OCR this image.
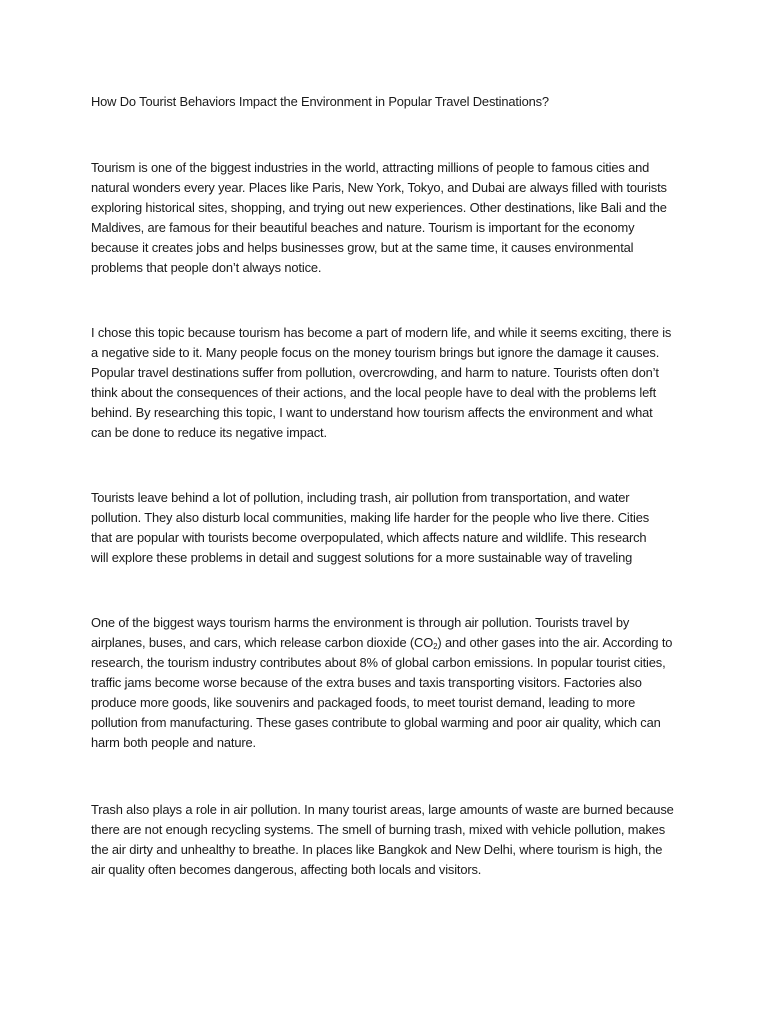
How Do Tourist Behaviors Impact the Environment in Popular Travel Destinations?
Tourism is one of the biggest industries in the world, attracting millions of people to famous cities and
natural wonders every year. Places like Paris, New York, Tokyo, and Dubai are always filled with tourists
exploring historical sites, shopping, and trying out new experiences. Other destinations, like Bali and the
Maldives, are famous for their beautiful beaches and nature. Tourism is important for the economy
because it creates jobs and helps businesses grow, but at the same time, it causes environmental
problems that people don’t always notice.
I chose this topic because tourism has become a part of modern life, and while it seems exciting, there is
a negative side to it. Many people focus on the money tourism brings but ignore the damage it causes.
Popular travel destinations suffer from pollution, overcrowding, and harm to nature. Tourists often don’t
think about the consequences of their actions, and the local people have to deal with the problems left
behind. By researching this topic, I want to understand how tourism affects the environment and what
can be done to reduce its negative impact.
Tourists leave behind a lot of pollution, including trash, air pollution from transportation, and water
pollution. They also disturb local communities, making life harder for the people who live there. Cities
that are popular with tourists become overpopulated, which affects nature and wildlife. This research
will explore these problems in detail and suggest solutions for a more sustainable way of traveling
One of the biggest ways tourism harms the environment is through air pollution. Tourists travel by
airplanes, buses, and cars, which release carbon dioxide $(CO_2)$ and other gases into the air. According to
research, the tourism industry contributes about 8% of global carbon emissions. In popular tourist cities,
traffic jams become worse because of the extra buses and taxis transporting visitors. Factories also
produce more goods, like souvenirs and packaged foods, to meet tourist demand, leading to more
pollution from manufacturing. These gases contribute to global warming and poor air quality, which can
harm both people and nature.
Trash also plays a role in air pollution. In many tourist areas, large amounts of waste are burned because
there are not enough recycling systems. The smell of burning trash, mixed with vehicle pollution, makes
the air dirty and unhealthy to breathe. In places like Bangkok and New Delhi, where tourism is high, the
air quality often becomes dangerous, affecting both locals and visitors.
